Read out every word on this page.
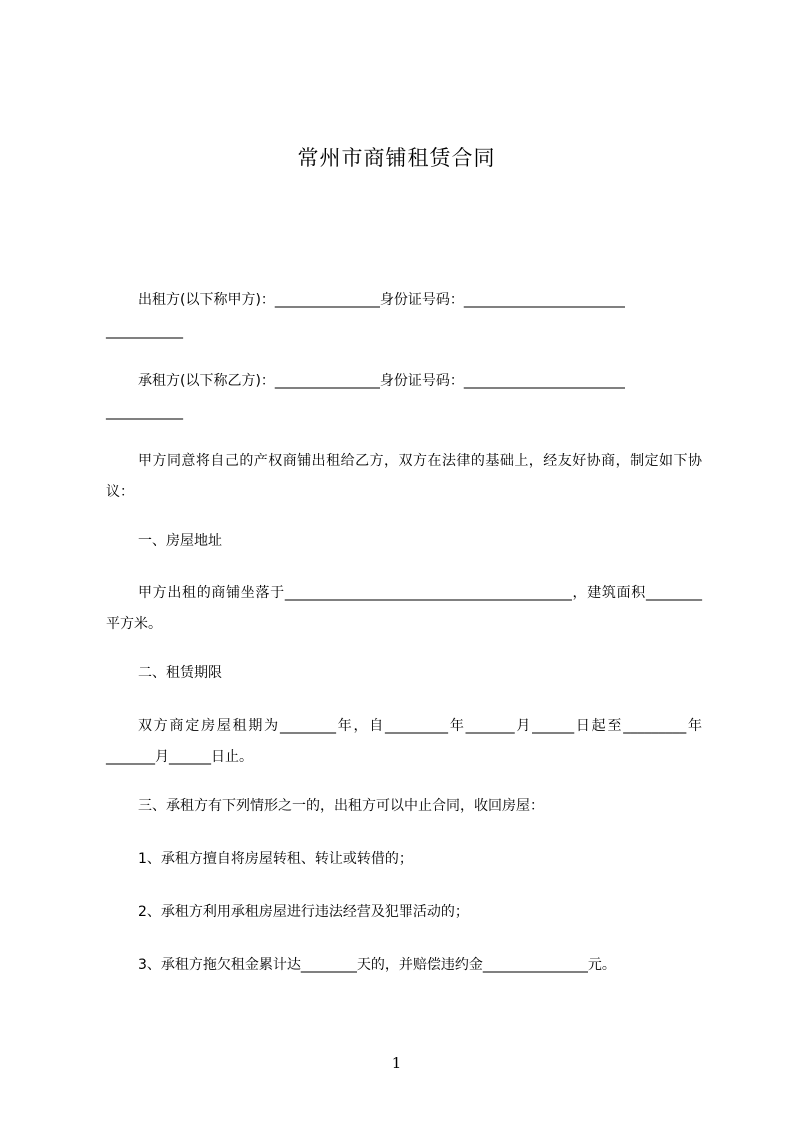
常州市商铺租赁合同
出租方(以下称甲方)：_______________身份证号码：_______________________
___________
承租方(以下称乙方)：_______________身份证号码：_______________________
___________
甲方同意将自己的产权商铺出租给乙方，双方在法律的基础上，经友好协商，制定如下协议：
一、房屋地址
甲方出租的商铺坐落于_________________________________________，建筑面积________平方米。
二、租赁期限
双方商定房屋租期为________年，自_________年_______月______日起至_________年_______月______日止。
三、承租方有下列情形之一的，出租方可以中止合同，收回房屋：
1、承租方擅自将房屋转租、转让或转借的；
2、承租方利用承租房屋进行违法经营及犯罪活动的；
3、承租方拖欠租金累计达________天的，并赔偿违约金_______________元。
1
